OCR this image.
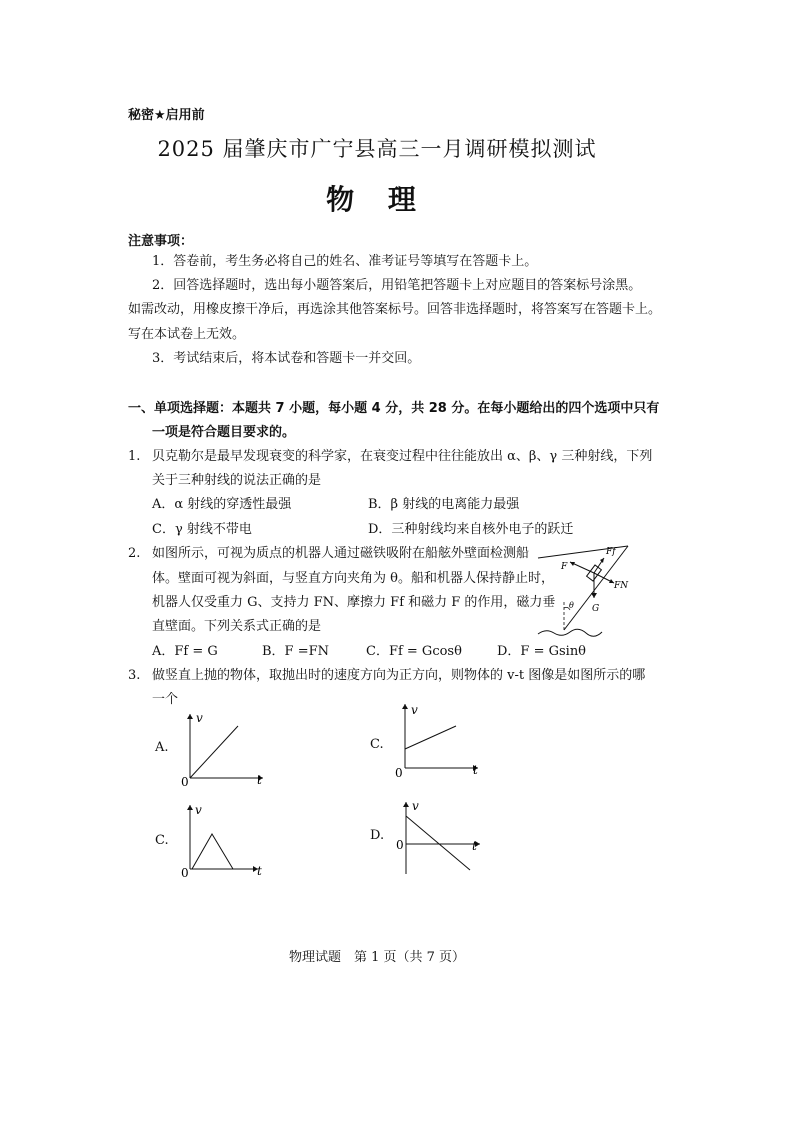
秘密★启用前
2025 届肇庆市广宁县高三一月调研模拟测试
物 理
注意事项：
1．答卷前，考生务必将自己的姓名、准考证号等填写在答题卡上。
2．回答选择题时，选出每小题答案后，用铅笔把答题卡上对应题目的答案标号涂黑。
如需改动，用橡皮擦干净后，再选涂其他答案标号。回答非选择题时，将答案写在答题卡上。
写在本试卷上无效。
3．考试结束后，将本试卷和答题卡一并交回。
一、单项选择题：本题共 7 小题，每小题 4 分，共 28 分。在每小题给出的四个选项中只有
一项是符合题目要求的。
1. 贝克勒尔是最早发现衰变的科学家，在衰变过程中往往能放出 α、β、γ 三种射线，下列
关于三种射线的说法正确的是
A．α 射线的穿透性最强	B．β 射线的电离能力最强
C．γ 射线不带电	D．三种射线均来自核外电子的跃迁
2. 如图所示，可视为质点的机器人通过磁铁吸附在船舷外壁面检测船
体。壁面可视为斜面，与竖直方向夹角为 θ。船和机器人保持静止时，
机器人仅受重力 G、支持力 FN、摩擦力 Ff 和磁力 F 的作用，磁力垂
直壁面。下列关系式正确的是
A．Ff = G	B．F =FN	C．Ff = Gcosθ	D．F = Gsinθ
θ
Ff
F
FN
G
3. 做竖直上抛的物体，取抛出时的速度方向为正方向，则物体的 v-t 图像是如图所示的哪
一个
A.
v
t
0
C.
v
t
0
C.
v
t
0
D.
v
t
0
物理试题　第 1 页（共 7 页）
